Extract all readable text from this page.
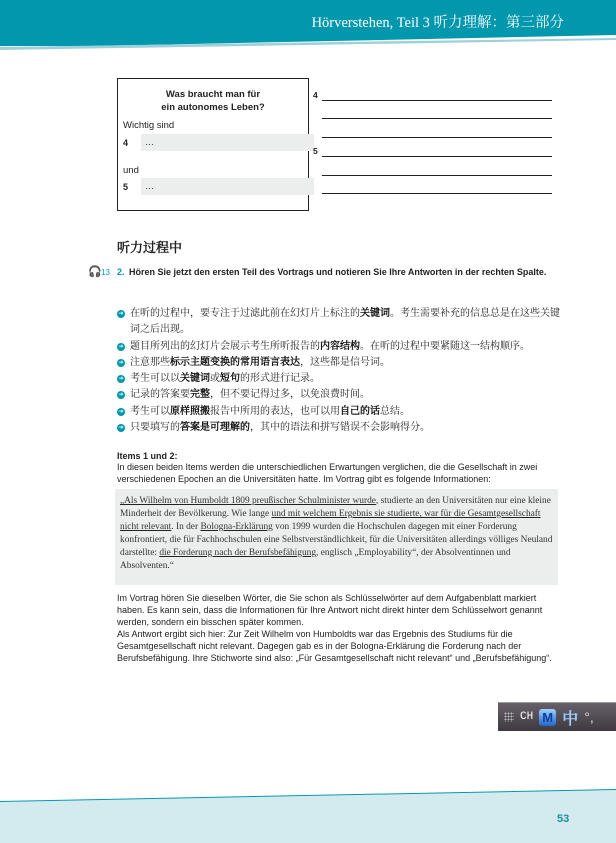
Hörverstehen, Teil 3 听力理解：第三部分
Was braucht man für
ein autonomes Leben?
Wichtig sind
4	…
und
5	…
4
5
听力过程中
🎧 13 2. Hören Sie jetzt den ersten Teil des Vortrags und notieren Sie Ihre Antworten in der rechten Spalte.
➔ 在听的过程中，要专注于过滤此前在幻灯片上标注的关键词。考生需要补充的信息总是在这些关键词之后出现。
➔ 题目所列出的幻灯片会展示考生所听报告的内容结构。在听的过程中要紧随这一结构顺序。
➔ 注意那些标示主题变换的常用语言表达，这些都是信号词。
➔ 考生可以以关键词或短句的形式进行记录。
➔ 记录的答案要完整，但不要记得过多，以免浪费时间。
➔ 考生可以原样照搬报告中所用的表达，也可以用自己的话总结。
➔ 只要填写的答案是可理解的，其中的语法和拼写错误不会影响得分。
Items 1 und 2:
In diesen beiden Items werden die unterschiedlichen Erwartungen verglichen, die die Gesellschaft in zwei verschiedenen Epochen an die Universitäten hatte. Im Vortrag gibt es folgende Informationen:
„Als Wilhelm von Humboldt 1809 preußischer Schulminister wurde, studierte an den Universitäten nur eine kleine Minderheit der Bevölkerung. Wie lange und mit welchem Ergebnis sie studierte, war für die Gesamtgesellschaft nicht relevant. In der Bologna-Erklärung von 1999 wurden die Hochschulen dagegen mit einer Forderung konfrontiert, die für Fachhochschulen eine Selbstverständlichkeit, für die Universitäten allerdings völliges Neuland darstellte: die Forderung nach der Berufsbefähigung, englisch „Employability“, der Absolventinnen und Absolventen.“
Im Vortrag hören Sie dieselben Wörter, die Sie schon als Schlüsselwörter auf dem Aufgabenblatt markiert haben. Es kann sein, dass die Informationen für Ihre Antwort nicht direkt hinter dem Schlüsselwort genannt werden, sondern ein bisschen später kommen.
Als Antwort ergibt sich hier: Zur Zeit Wilhelm von Humboldts war das Ergebnis des Studiums für die Gesamtgesellschaft nicht relevant. Dagegen gab es in der Bologna-Erklärung die Forderung nach der Berufsbefähigung. Ihre Stichworte sind also: „Für Gesamtgesellschaft nicht relevant“ und „Berufsbefähigung“.
CH M 中 °,
53
